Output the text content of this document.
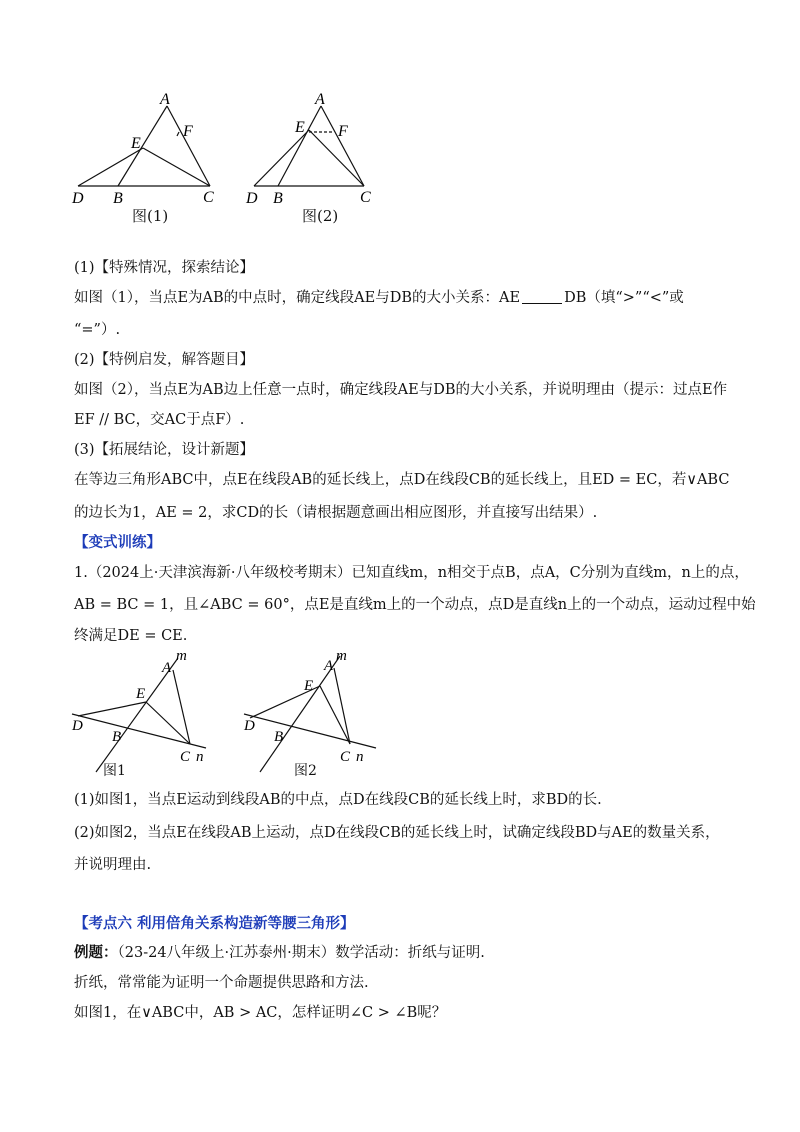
A
E
F
D B	C
图(1)
A
E F
D B	C
图(2)
(1)【特殊情况，探索结论】
如图（1），当点E为AB的中点时，确定线段AE与DB的大小关系：AE	DB（填“>”“<”或
“=”）.
(2)【特例启发，解答题目】
如图（2），当点E为AB边上任意一点时，确定线段AE与DB的大小关系，并说明理由（提示：过点E作
EF // BC，交AC于点F）.
(3)【拓展结论，设计新题】
在等边三角形ABC中，点E在线段AB的延长线上，点D在线段CB的延长线上，且ED = EC，若∨ABC
的边长为1，AE = 2，求CD的长（请根据题意画出相应图形，并直接写出结果）.
【变式训练】
1.（2024上·天津滨海新·八年级校考期末）已知直线m，n相交于点B，点A，C分别为直线m，n上的点，
AB = BC = 1，且∠ABC = 60°，点E是直线m上的一个动点，点D是直线n上的一个动点，运动过程中始
终满足DE = CE.
m
A
E
D
B
C n
图1
m
A
E
D
B
C n
图2
(1)如图1，当点E运动到线段AB的中点，点D在线段CB的延长线上时，求BD的长.
(2)如图2，当点E在线段AB上运动，点D在线段CB的延长线上时，试确定线段BD与AE的数量关系，
并说明理由.
【考点六 利用倍角关系构造新等腰三角形】
例题：（23-24八年级上·江苏泰州·期末）数学活动：折纸与证明.
折纸，常常能为证明一个命题提供思路和方法.
如图1，在∨ABC中，AB > AC，怎样证明∠C > ∠B呢？
